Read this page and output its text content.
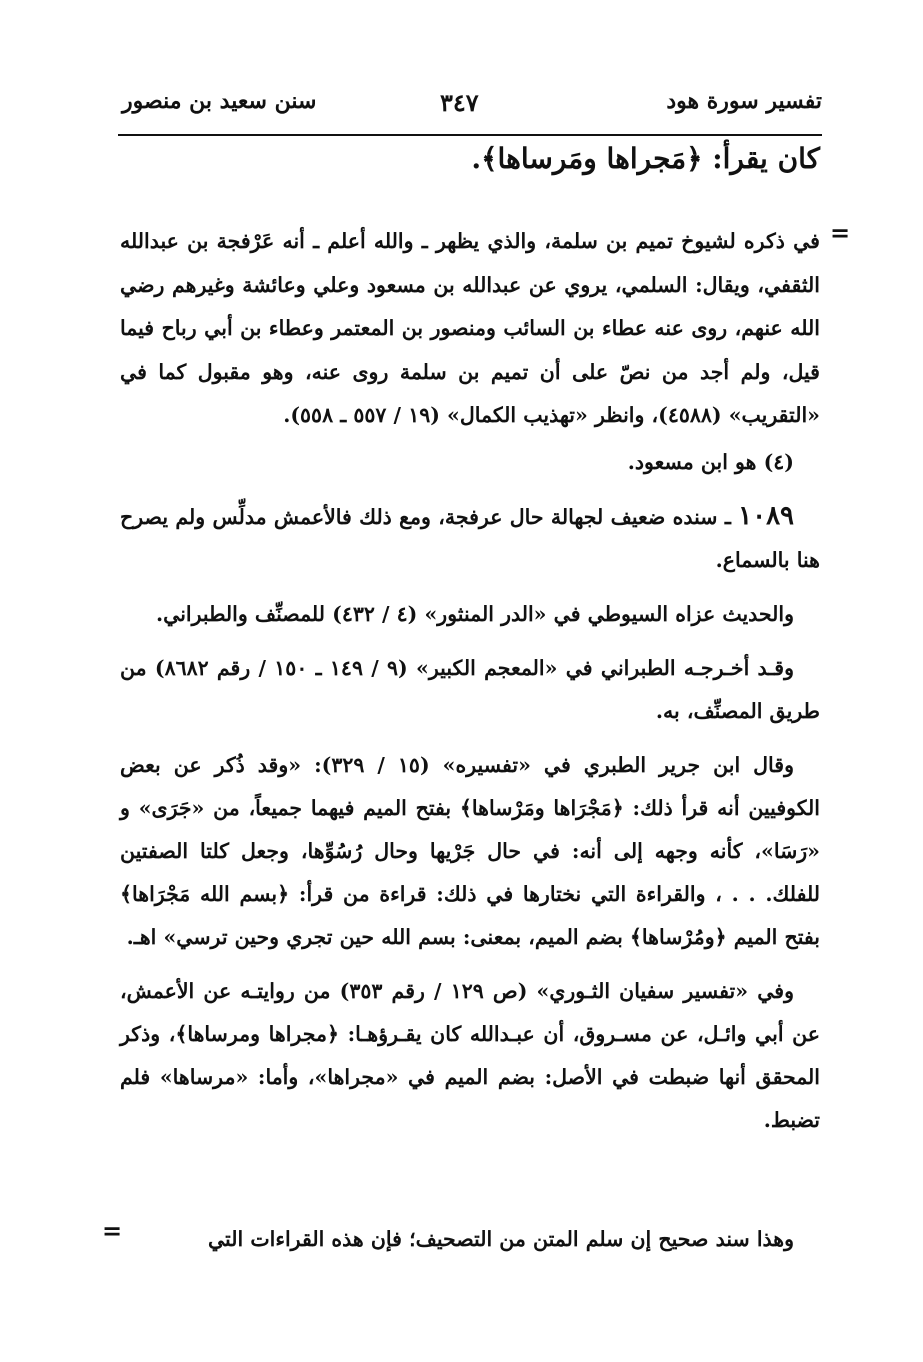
تفسير سورة هود
٣٤٧
سنن سعيد بن منصور
كان يقرأ: ﴿مَجراها ومَرساها﴾.
=
في ذكره لشيوخ تميم بن سلمة، والذي يظهر ـ والله أعلم ـ أنه عَرْفجة بن عبدالله الثقفي، ويقال: السلمي، يروي عن عبدالله بن مسعود وعلي وعائشة وغيرهم رضي الله عنهم، روى عنه عطاء بن السائب ومنصور بن المعتمر وعطاء بن أبي رباح فيما قيل، ولم أجد من نصّ على أن تميم بن سلمة روى عنه، وهو مقبول كما في «التقريب» (٤٥٨٨)، وانظر «تهذيب الكمال» (١٩ / ٥٥٧ ـ ٥٥٨).
(٤) هو ابن مسعود.

١٠٨٩ ـ سنده ضعيف لجهالة حال عرفجة، ومع ذلك فالأعمش مدلِّس ولم يصرح هنا بالسماع.

والحديث عزاه السيوطي في «الدر المنثور» (٤ / ٤٣٢) للمصنِّف والطبراني.

وقـد أخـرجـه الطبراني في «المعجم الكبير» (٩ / ١٤٩ ـ ١٥٠ / رقم ٨٦٨٢) من طريق المصنِّف، به.

وقال ابن جرير الطبري في «تفسيره» (١٥ / ٣٢٩): «وقد ذُكر عن بعض الكوفيين أنه قرأ ذلك: ﴿مَجْرَاها ومَرْساها﴾ بفتح الميم فيهما جميعاً، من «جَرَى» و «رَسَا»، كأنه وجهه إلى أنه: في حال جَرْيها وحال رُسُوِّها، وجعل كلتا الصفتين للفلك. . . ، والقراءة التي نختارها في ذلك: قراءة من قرأ: ﴿بسم الله مَجْرَاها﴾ بفتح الميم ﴿ومُرْساها﴾ بضم الميم، بمعنى: بسم الله حين تجري وحين ترسي» اهـ.

وفي «تفسير سفيان الثـوري» (ص ١٢٩ / رقم ٣٥٣) من روايتـه عن الأعمش، عن أبي وائـل، عن مسـروق، أن عبـدالله كان يقـرؤهـا: ﴿مجراها ومرساها﴾، وذكر المحقق أنها ضبطت في الأصل: بضم الميم في «مجراها»، وأما: «مرساها» فلم تضبط.

وهذا سند صحيح إن سلم المتن من التصحيف؛ فإن هذه القراءات التي
=
